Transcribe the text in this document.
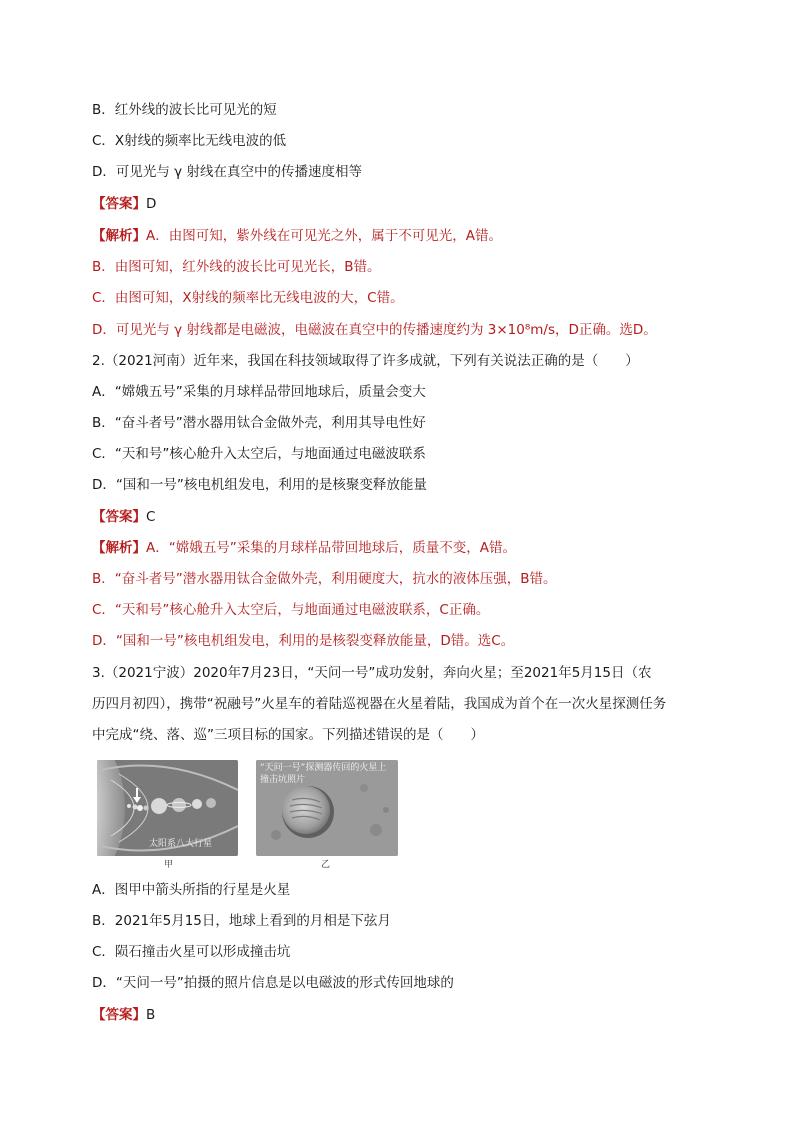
B．红外线的波长比可见光的短
C．X射线的频率比无线电波的低
D．可见光与 γ 射线在真空中的传播速度相等
【答案】D
【解析】A．由图可知，紫外线在可见光之外，属于不可见光，A错。
B．由图可知，红外线的波长比可见光长，B错。
C．由图可知，X射线的频率比无线电波的大，C错。
D．可见光与 γ 射线都是电磁波，电磁波在真空中的传播速度约为 3×10⁸m/s，D正确。选D。
2.（2021河南）近年来，我国在科技领域取得了许多成就，下列有关说法正确的是（　　）
A．“嫦娥五号”采集的月球样品带回地球后，质量会变大
B．“奋斗者号”潜水器用钛合金做外壳，利用其导电性好
C．“天和号”核心舱升入太空后，与地面通过电磁波联系
D．“国和一号”核电机组发电，利用的是核聚变释放能量
【答案】C
【解析】A．“嫦娥五号”采集的月球样品带回地球后，质量不变，A错。
B．“奋斗者号”潜水器用钛合金做外壳，利用硬度大，抗水的液体压强，B错。
C．“天和号”核心舱升入太空后，与地面通过电磁波联系，C正确。
D．“国和一号”核电机组发电，利用的是核裂变释放能量，D错。选C。
3.（2021宁波）2020年7月23日，“天问一号”成功发射，奔向火星；至2021年5月15日（农
历四月初四），携带“祝融号”火星车的着陆巡视器在火星着陆，我国成为首个在一次火星探测任务
中完成“绕、落、巡”三项目标的国家。下列描述错误的是（　　）
太阳系八大行星
甲
“天问一号”探测器传回的火星上
撞击坑照片
乙
A．图甲中箭头所指的行星是火星
B．2021年5月15日，地球上看到的月相是下弦月
C．陨石撞击火星可以形成撞击坑
D．“天问一号”拍摄的照片信息是以电磁波的形式传回地球的
【答案】B
